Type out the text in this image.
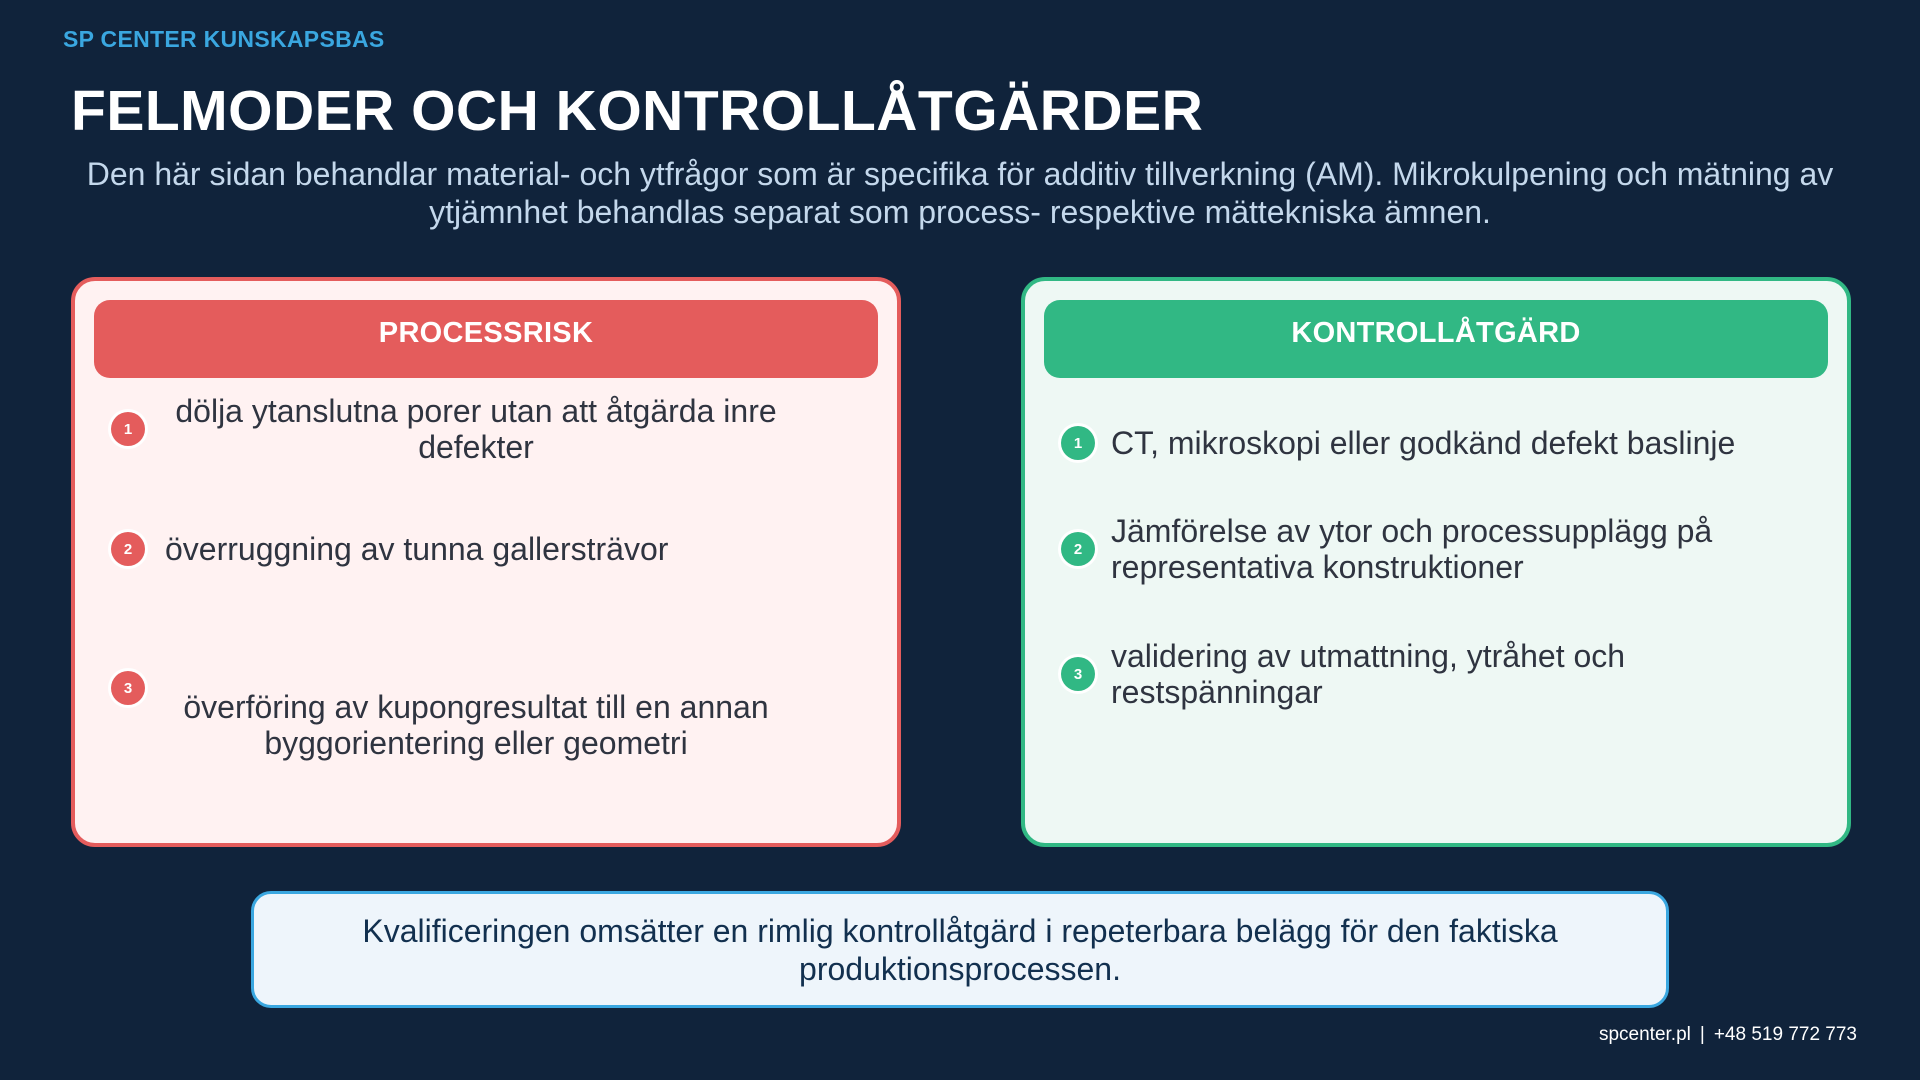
SP CENTER KUNSKAPSBAS
FELMODER OCH KONTROLLÅTGÄRDER
Den här sidan behandlar material- och ytfrågor som är specifika för additiv tillverkning (AM). Mikrokulpening och mätning av ytjämnhet behandlas separat som process- respektive mättekniska ämnen.
PROCESSRISK
1	dölja ytanslutna porer utan att åtgärda inre defekter
2	överruggning av tunna gallersträvor
3
överföring av kupongresultat till en annan byggorientering eller geometri
KONTROLLÅTGÄRD
1 CT, mikroskopi eller godkänd defekt baslinje
2 Jämförelse av ytor och processupplägg på representativa konstruktioner
3 validering av utmattning, ytråhet och restspänningar
Kvalificeringen omsätter en rimlig kontrollåtgärd i repeterbara belägg för den faktiska produktionsprocessen.
spcenter.pl | +48 519 772 773
